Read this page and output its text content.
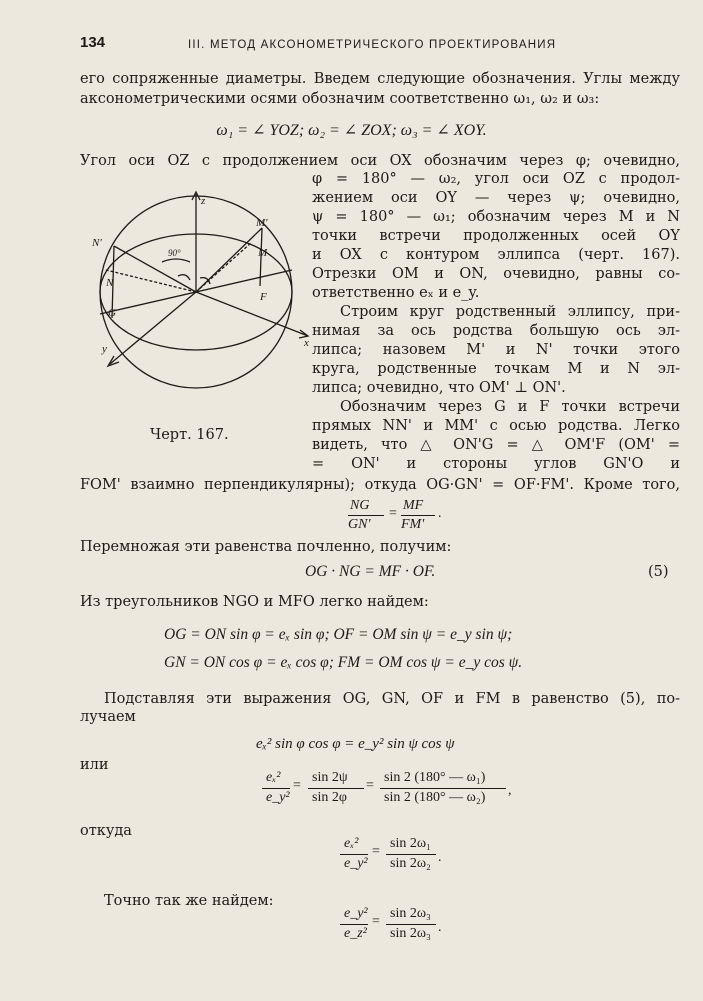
134	III. МЕТОД АКСОНОМЕТРИЧЕСКОГО ПРОЕКТИРОВАНИЯ
его сопряженные диаметры. Введем следующие обозначения. Углы между
аксонометрическими осями обозначим соответственно ω₁, ω₂ и ω₃:
ω₁ = ∠ YOZ; ω₂ = ∠ ZOX; ω₃ = ∠ XOY.
Угол оси OZ с продолжением оси OX обозначим через φ; очевидно,
φ = 180° — ω₂, угол оси OZ с продол-
жением оси OY — через ψ; очевидно,
ψ = 180° — ω₁; обозначим через M и N
точки встречи продолженных осей OY
и OX с контуром эллипса (черт. 167).
Отрезки OM и ON, очевидно, равны со-
ответственно eₓ и e_y.
Строим круг родственный эллипсу, при-
нимая за ось родства большую ось эл-
липса; назовем M' и N' точки этого
круга, родственные точкам M и N эл-
липса; очевидно, что OM' ⊥ ON'.
Обозначим через G и F точки встречи
прямых NN' и MM' с осью родства. Легко
видеть, что △ ON'G = △ OM'F (OM' =
= ON' и стороны углов GN'O и
FOM' взаимно перпендикулярны); откуда OG·GN' = OF·FM'. Кроме того,
z
N'
M'
N
M
G
F
x
y
90°
Черт. 167.
NG
GN'
=
MF
FM'
.
Перемножая эти равенства почленно, получим:
OG · NG = MF · OF.	(5)
Из треугольников NGO и MFO легко найдем:
OG = ON sin φ = eₓ sin φ; OF = OM sin ψ = e_y sin ψ;
GN = ON cos φ = eₓ cos φ; FM = OM cos ψ = e_y cos ψ.
Подставляя эти выражения OG, GN, OF и FM в равенство (5), по-
лучаем
eₓ² sin φ cos φ = e_y² sin ψ cos ψ
или
eₓ²
e_y²
=
sin 2ψ
sin 2φ
=
sin 2 (180° — ω₁)
sin 2 (180° — ω₂) ,
откуда
eₓ²
e_y²
=
sin 2ω₁
sin 2ω₂ .
Точно так же найдем:
e_y²
e_z²
=
sin 2ω₃
sin 2ω₃ .
